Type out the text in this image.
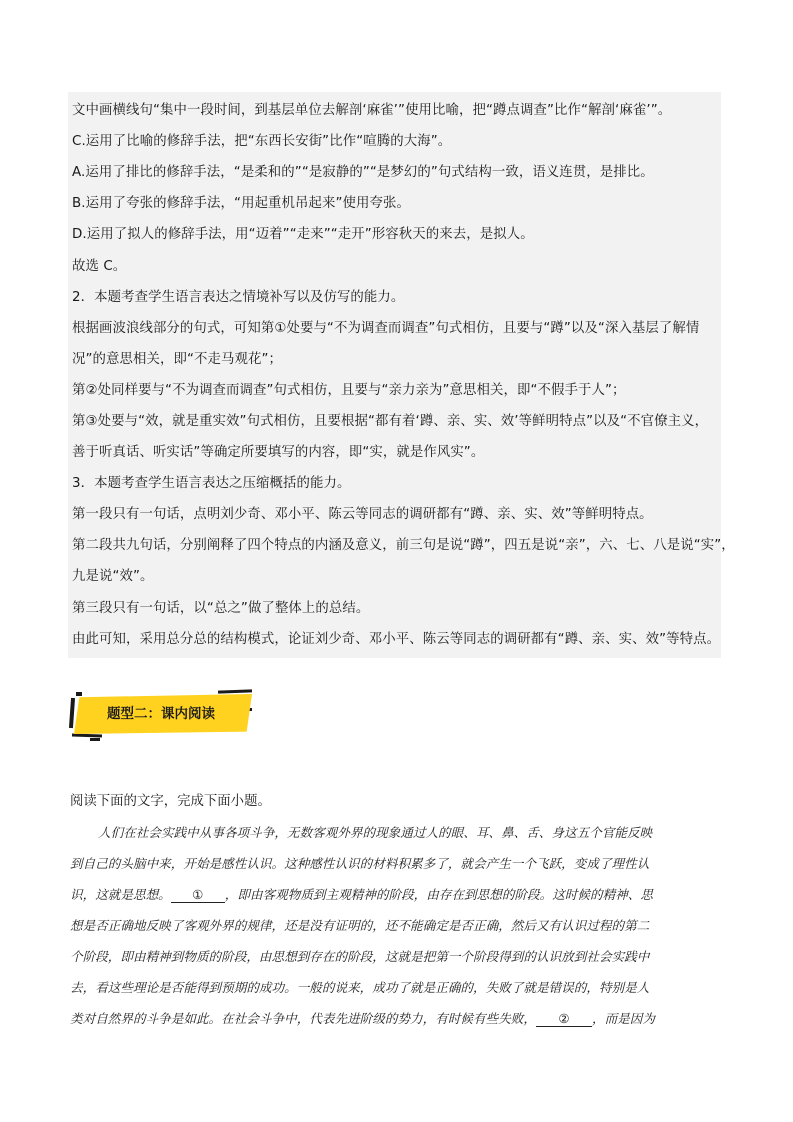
文中画横线句“集中一段时间，到基层单位去解剖‘麻雀’”使用比喻，把“蹲点调查”比作“解剖‘麻雀’”。
C.运用了比喻的修辞手法，把“东西长安街”比作“喧腾的大海”。
A.运用了排比的修辞手法，“是柔和的”“是寂静的”“是梦幻的”句式结构一致，语义连贯，是排比。
B.运用了夸张的修辞手法，“用起重机吊起来”使用夸张。
D.运用了拟人的修辞手法，用“迈着”“走来”“走开”形容秋天的来去，是拟人。
故选 C。
2．本题考查学生语言表达之情境补写以及仿写的能力。
根据画波浪线部分的句式，可知第①处要与“不为调查而调查”句式相仿，且要与“蹲”以及“深入基层了解情
况”的意思相关，即“不走马观花”；
第②处同样要与“不为调查而调查”句式相仿，且要与“亲力亲为”意思相关，即“不假手于人”；
第③处要与“效，就是重实效”句式相仿，且要根据“都有着‘蹲、亲、实、效’等鲜明特点”以及“不官僚主义，
善于听真话、听实话”等确定所要填写的内容，即“实，就是作风实”。
3．本题考查学生语言表达之压缩概括的能力。
第一段只有一句话，点明刘少奇、邓小平、陈云等同志的调研都有“蹲、亲、实、效”等鲜明特点。
第二段共九句话，分别阐释了四个特点的内涵及意义，前三句是说“蹲”，四五是说“亲”，六、七、八是说“实”，
九是说“效”。
第三段只有一句话，以“总之”做了整体上的总结。
由此可知，采用总分总的结构模式，论证刘少奇、邓小平、陈云等同志的调研都有“蹲、亲、实、效”等特点。
题型二：课内阅读
阅读下面的文字，完成下面小题。
人们在社会实践中从事各项斗争，无数客观外界的现象通过人的眼、耳、鼻、舌、身这五个官能反映
到自己的头脑中来，开始是感性认识。这种感性认识的材料积累多了，就会产生一个飞跃，变成了理性认
识，这就是思想。 ① ，即由客观物质到主观精神的阶段，由存在到思想的阶段。这时候的精神、思
想是否正确地反映了客观外界的规律，还是没有证明的，还不能确定是否正确，然后又有认识过程的第二
个阶段，即由精神到物质的阶段，由思想到存在的阶段，这就是把第一个阶段得到的认识放到社会实践中
去，看这些理论是否能得到预期的成功。一般的说来，成功了就是正确的，失败了就是错误的，特别是人
类对自然界的斗争是如此。在社会斗争中，代表先进阶级的势力，有时候有些失败， ② ，而是因为
